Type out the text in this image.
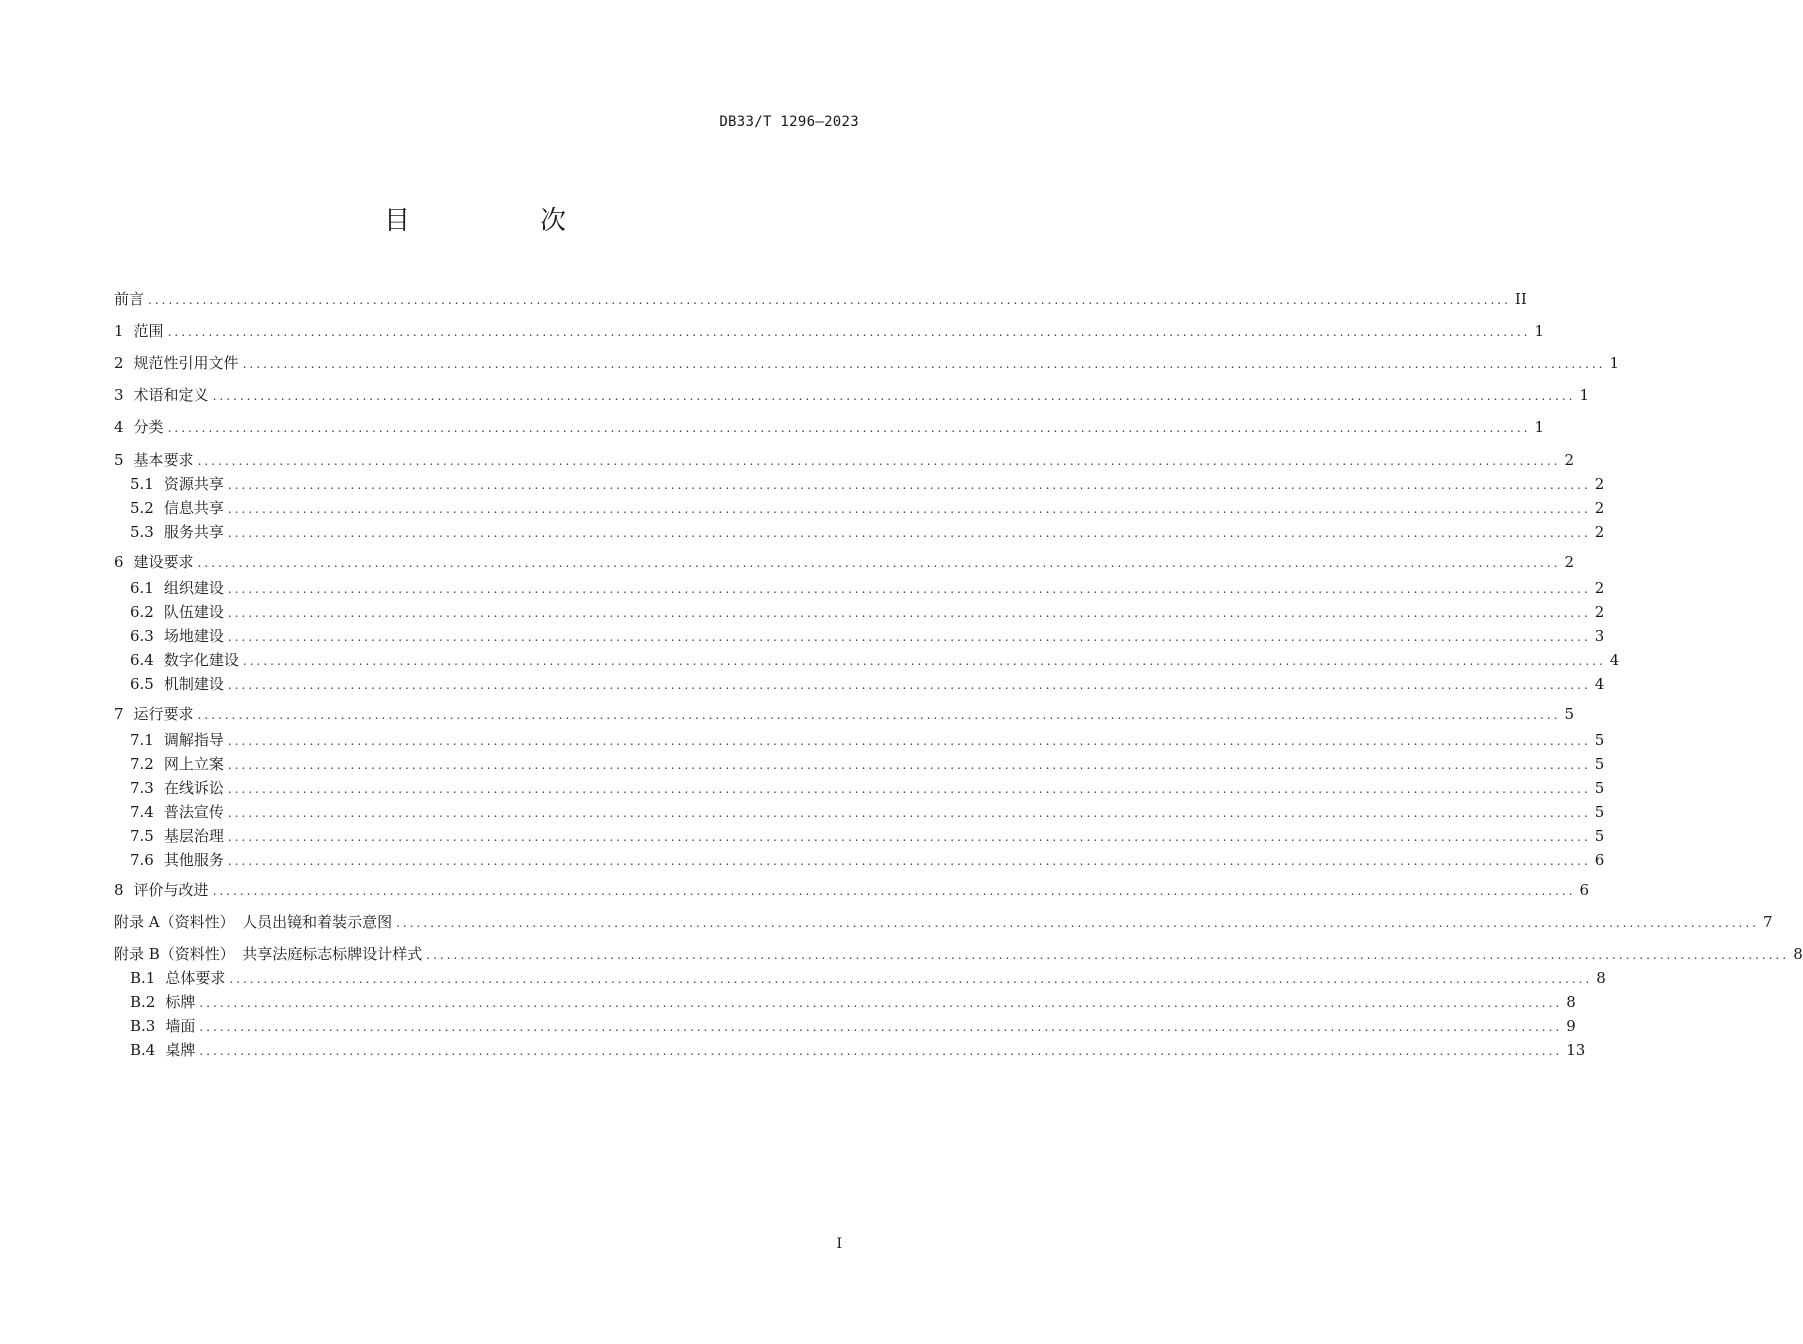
DB33/T 1296—2023
目　次
前言 ........................................................................................................................................................................................................ II
1 范围 ........................................................................................................................................................................................................ 1
2 规范性引用文件 ........................................................................................................................................................................................................ 1
3 术语和定义 ........................................................................................................................................................................................................ 1
4 分类 ........................................................................................................................................................................................................ 1
5 基本要求 ........................................................................................................................................................................................................ 2
5.1 资源共享 ........................................................................................................................................................................................................ 2
5.2 信息共享 ........................................................................................................................................................................................................ 2
5.3 服务共享 ........................................................................................................................................................................................................ 2
6 建设要求 ........................................................................................................................................................................................................ 2
6.1 组织建设 ........................................................................................................................................................................................................ 2
6.2 队伍建设 ........................................................................................................................................................................................................ 2
6.3 场地建设 ........................................................................................................................................................................................................ 3
6.4 数字化建设 ........................................................................................................................................................................................................ 4
6.5 机制建设 ........................................................................................................................................................................................................ 4
7 运行要求 ........................................................................................................................................................................................................ 5
7.1 调解指导 ........................................................................................................................................................................................................ 5
7.2 网上立案 ........................................................................................................................................................................................................ 5
7.3 在线诉讼 ........................................................................................................................................................................................................ 5
7.4 普法宣传 ........................................................................................................................................................................................................ 5
7.5 基层治理 ........................................................................................................................................................................................................ 5
7.6 其他服务 ........................................................................................................................................................................................................ 6
8 评价与改进 ........................................................................................................................................................................................................ 6
附录 A（资料性）　人员出镜和着装示意图 ........................................................................................................................................................................................................ 7
附录 B（资料性）　共享法庭标志标牌设计样式 ........................................................................................................................................................................................................ 8
B.1 总体要求 ........................................................................................................................................................................................................ 8
B.2 标牌 ........................................................................................................................................................................................................ 8
B.3 墙面 ........................................................................................................................................................................................................ 9
B.4 桌牌 ........................................................................................................................................................................................................ 13
I
